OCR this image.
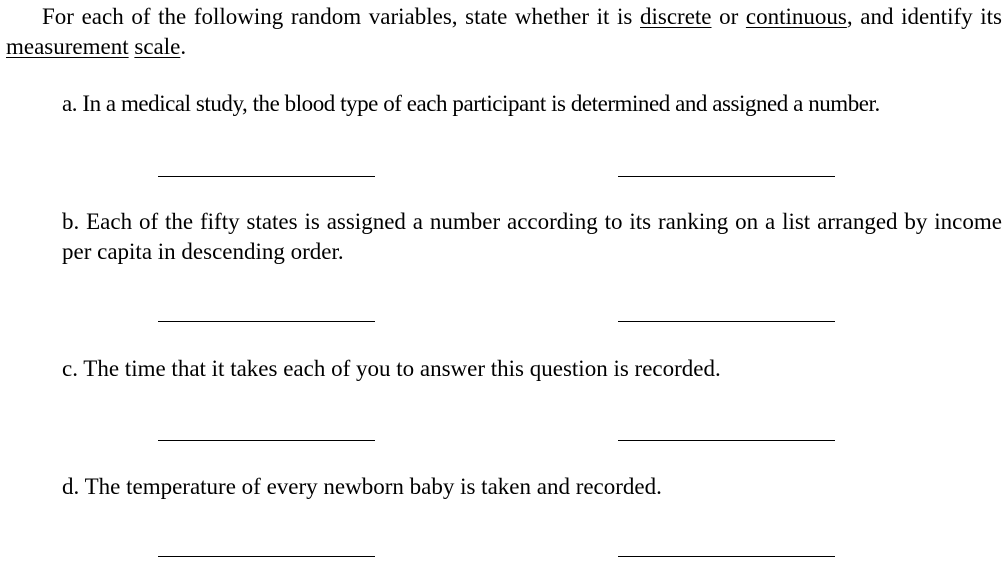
For each of the following random variables, state whether it is discrete or continuous, and identify its measurement scale.
a. In a medical study, the blood type of each participant is determined and assigned a number.
b. Each of the fifty states is assigned a number according to its ranking on a list arranged by income per capita in descending order.
c. The time that it takes each of you to answer this question is recorded.
d. The temperature of every newborn baby is taken and recorded.
